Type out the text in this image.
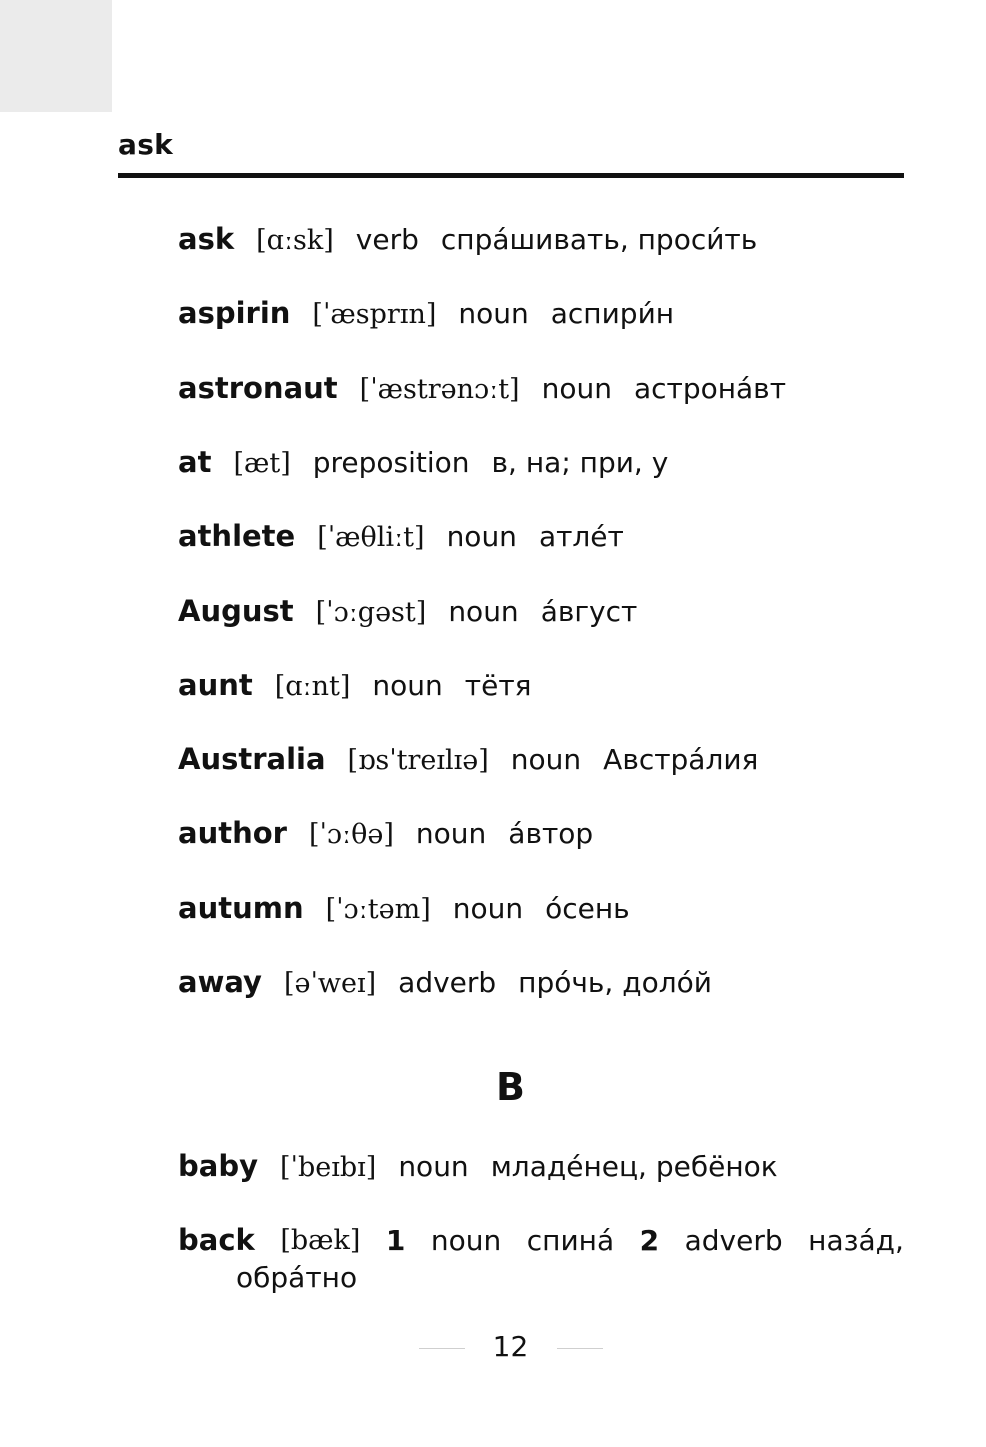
ask
ask [ɑːsk] verb спра́шивать, проси́ть
aspirin [ˈæsprɪn] noun аспири́н
astronaut [ˈæstrənɔːt] noun астрона́вт
at [æt] preposition в, на; при, у
athlete [ˈæθliːt] noun атле́т
August [ˈɔːgəst] noun а́вгуст
aunt [ɑːnt] noun тётя
Australia [ɒsˈtreɪlɪə] noun Австра́лия
author [ˈɔːθə] noun а́втор
autumn [ˈɔːtəm] noun о́сень
away [əˈweɪ] adverb про́чь, доло́й
B
baby [ˈbeɪbɪ] noun младе́нец, ребёнок
back [bæk] 1 noun спина́ 2 adverb наза́д,
обра́тно
12
